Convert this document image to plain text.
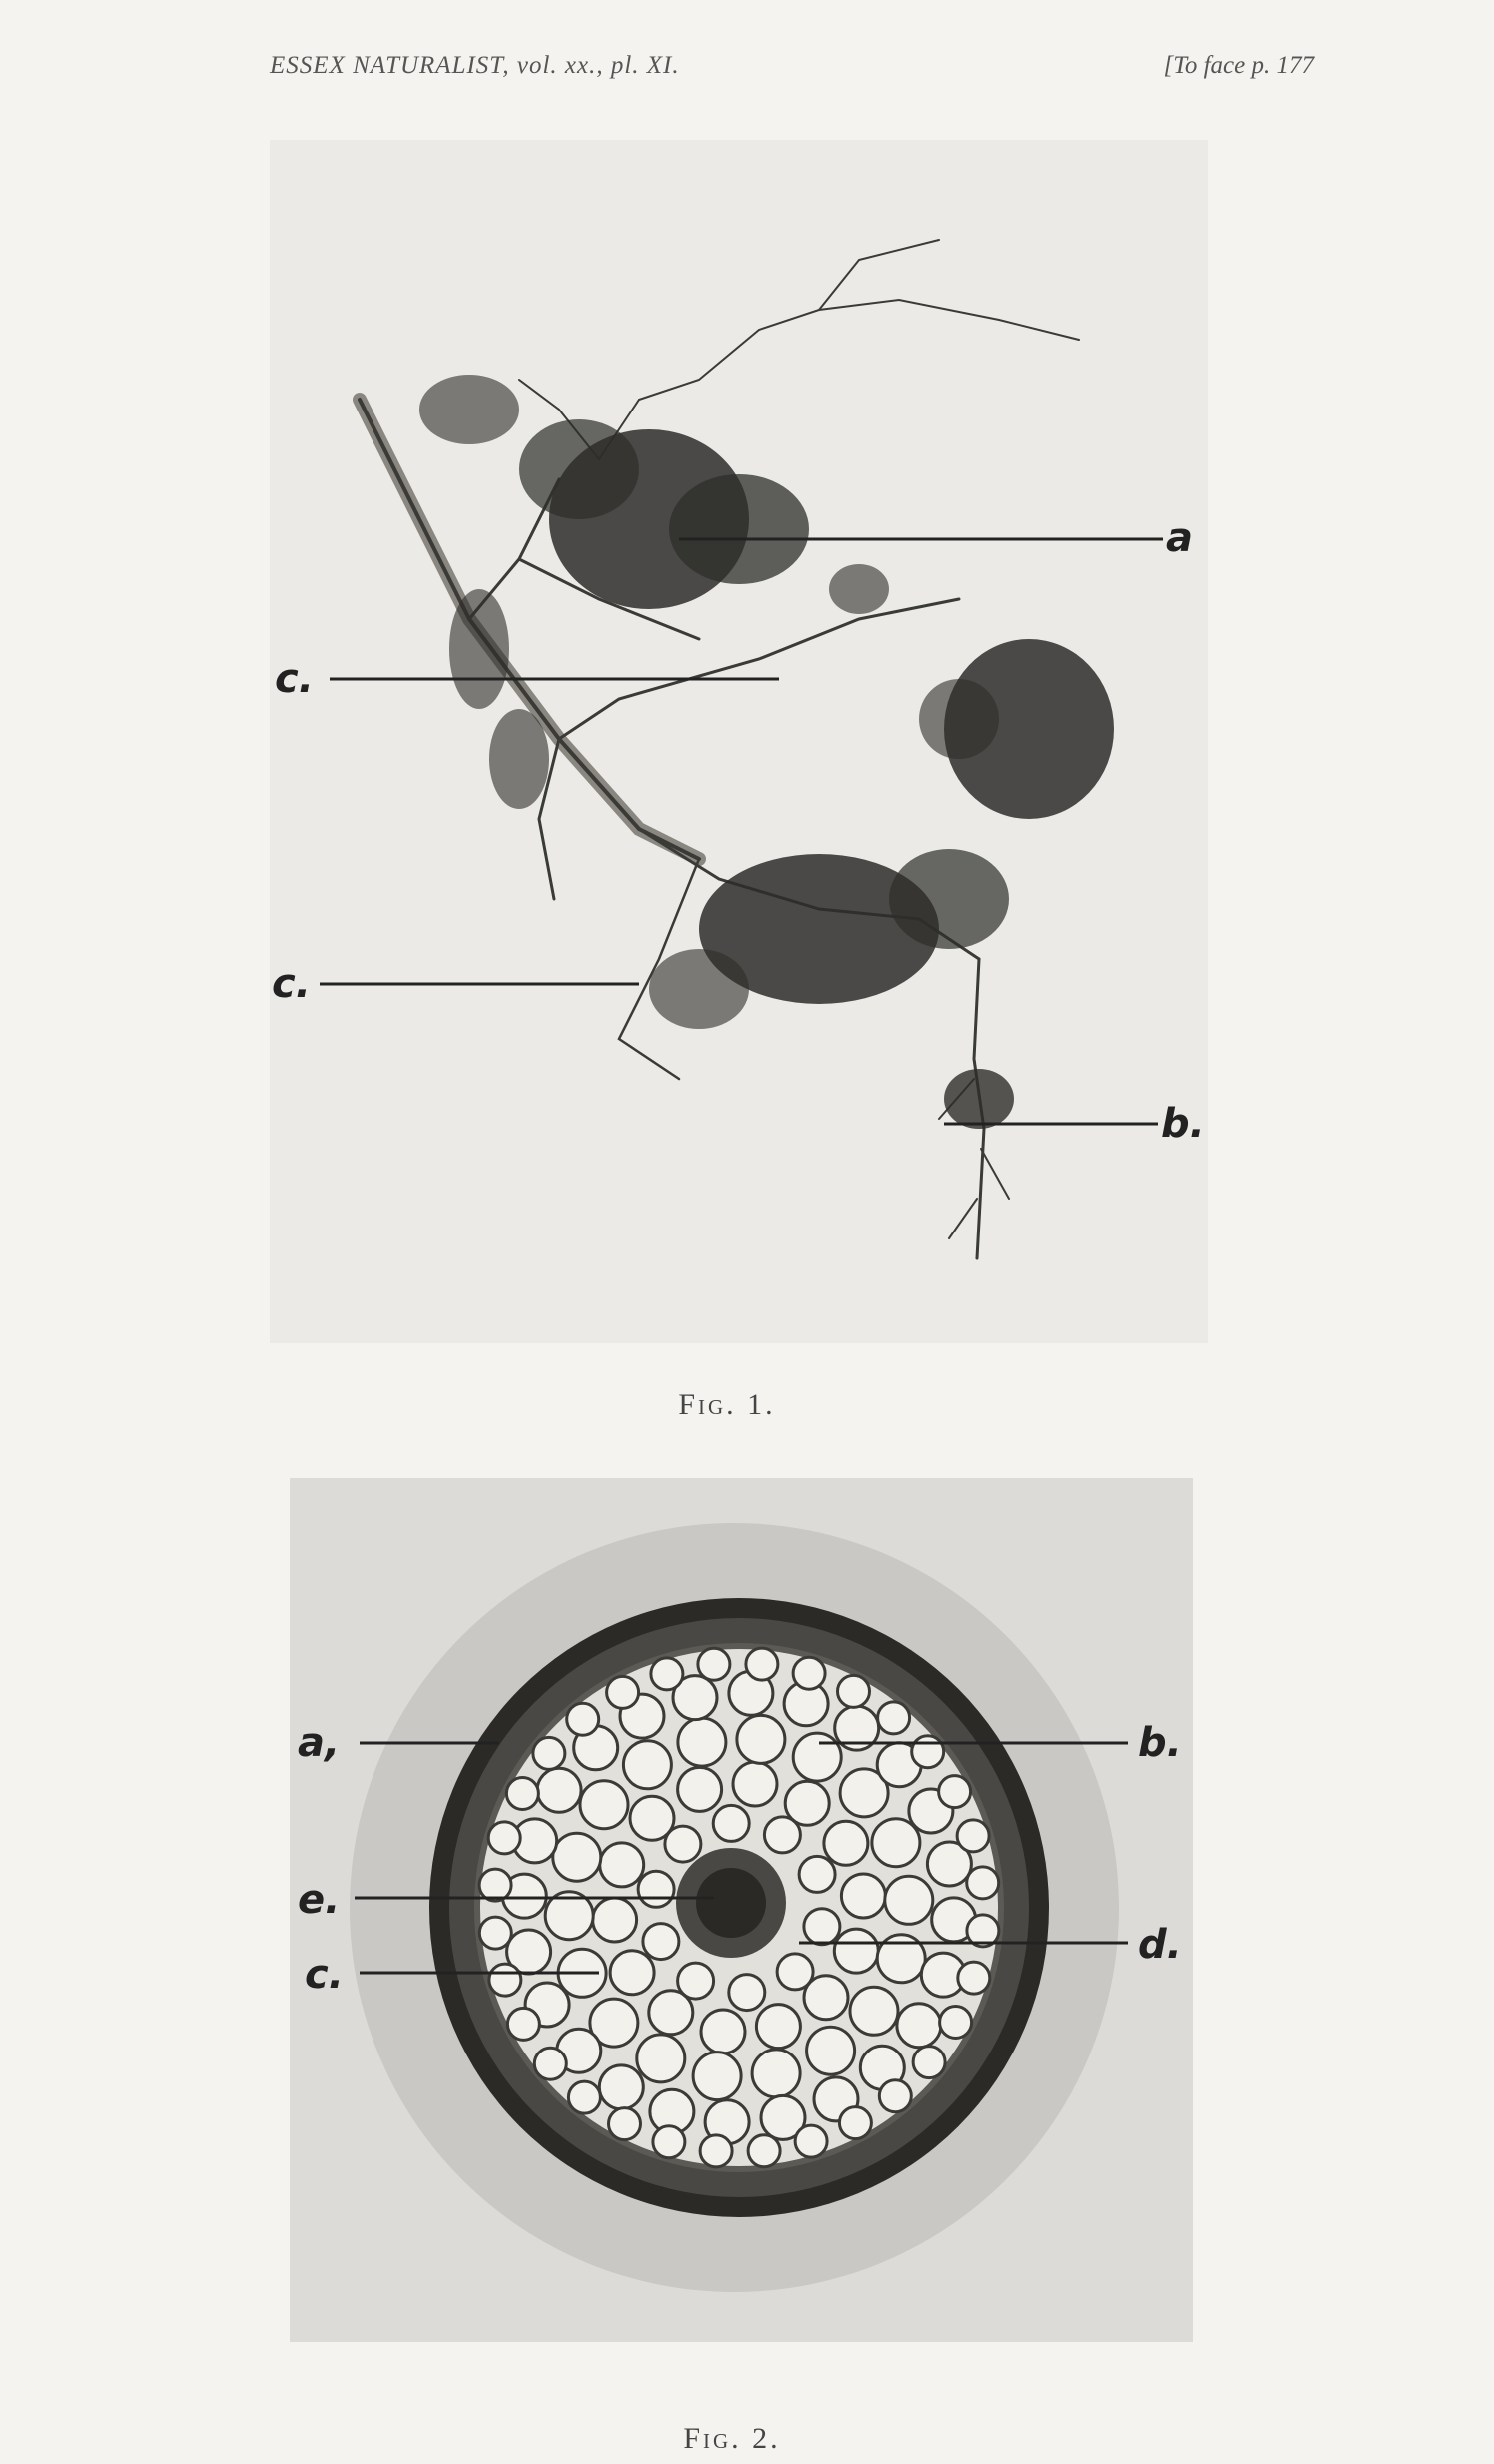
ESSEX NATURALIST, vol. xx., pl. XI.	[To face p. 177
a
c.
c.
b.
a,	b.
e.
d.
c.
Fig. 1.
Fig. 2.
